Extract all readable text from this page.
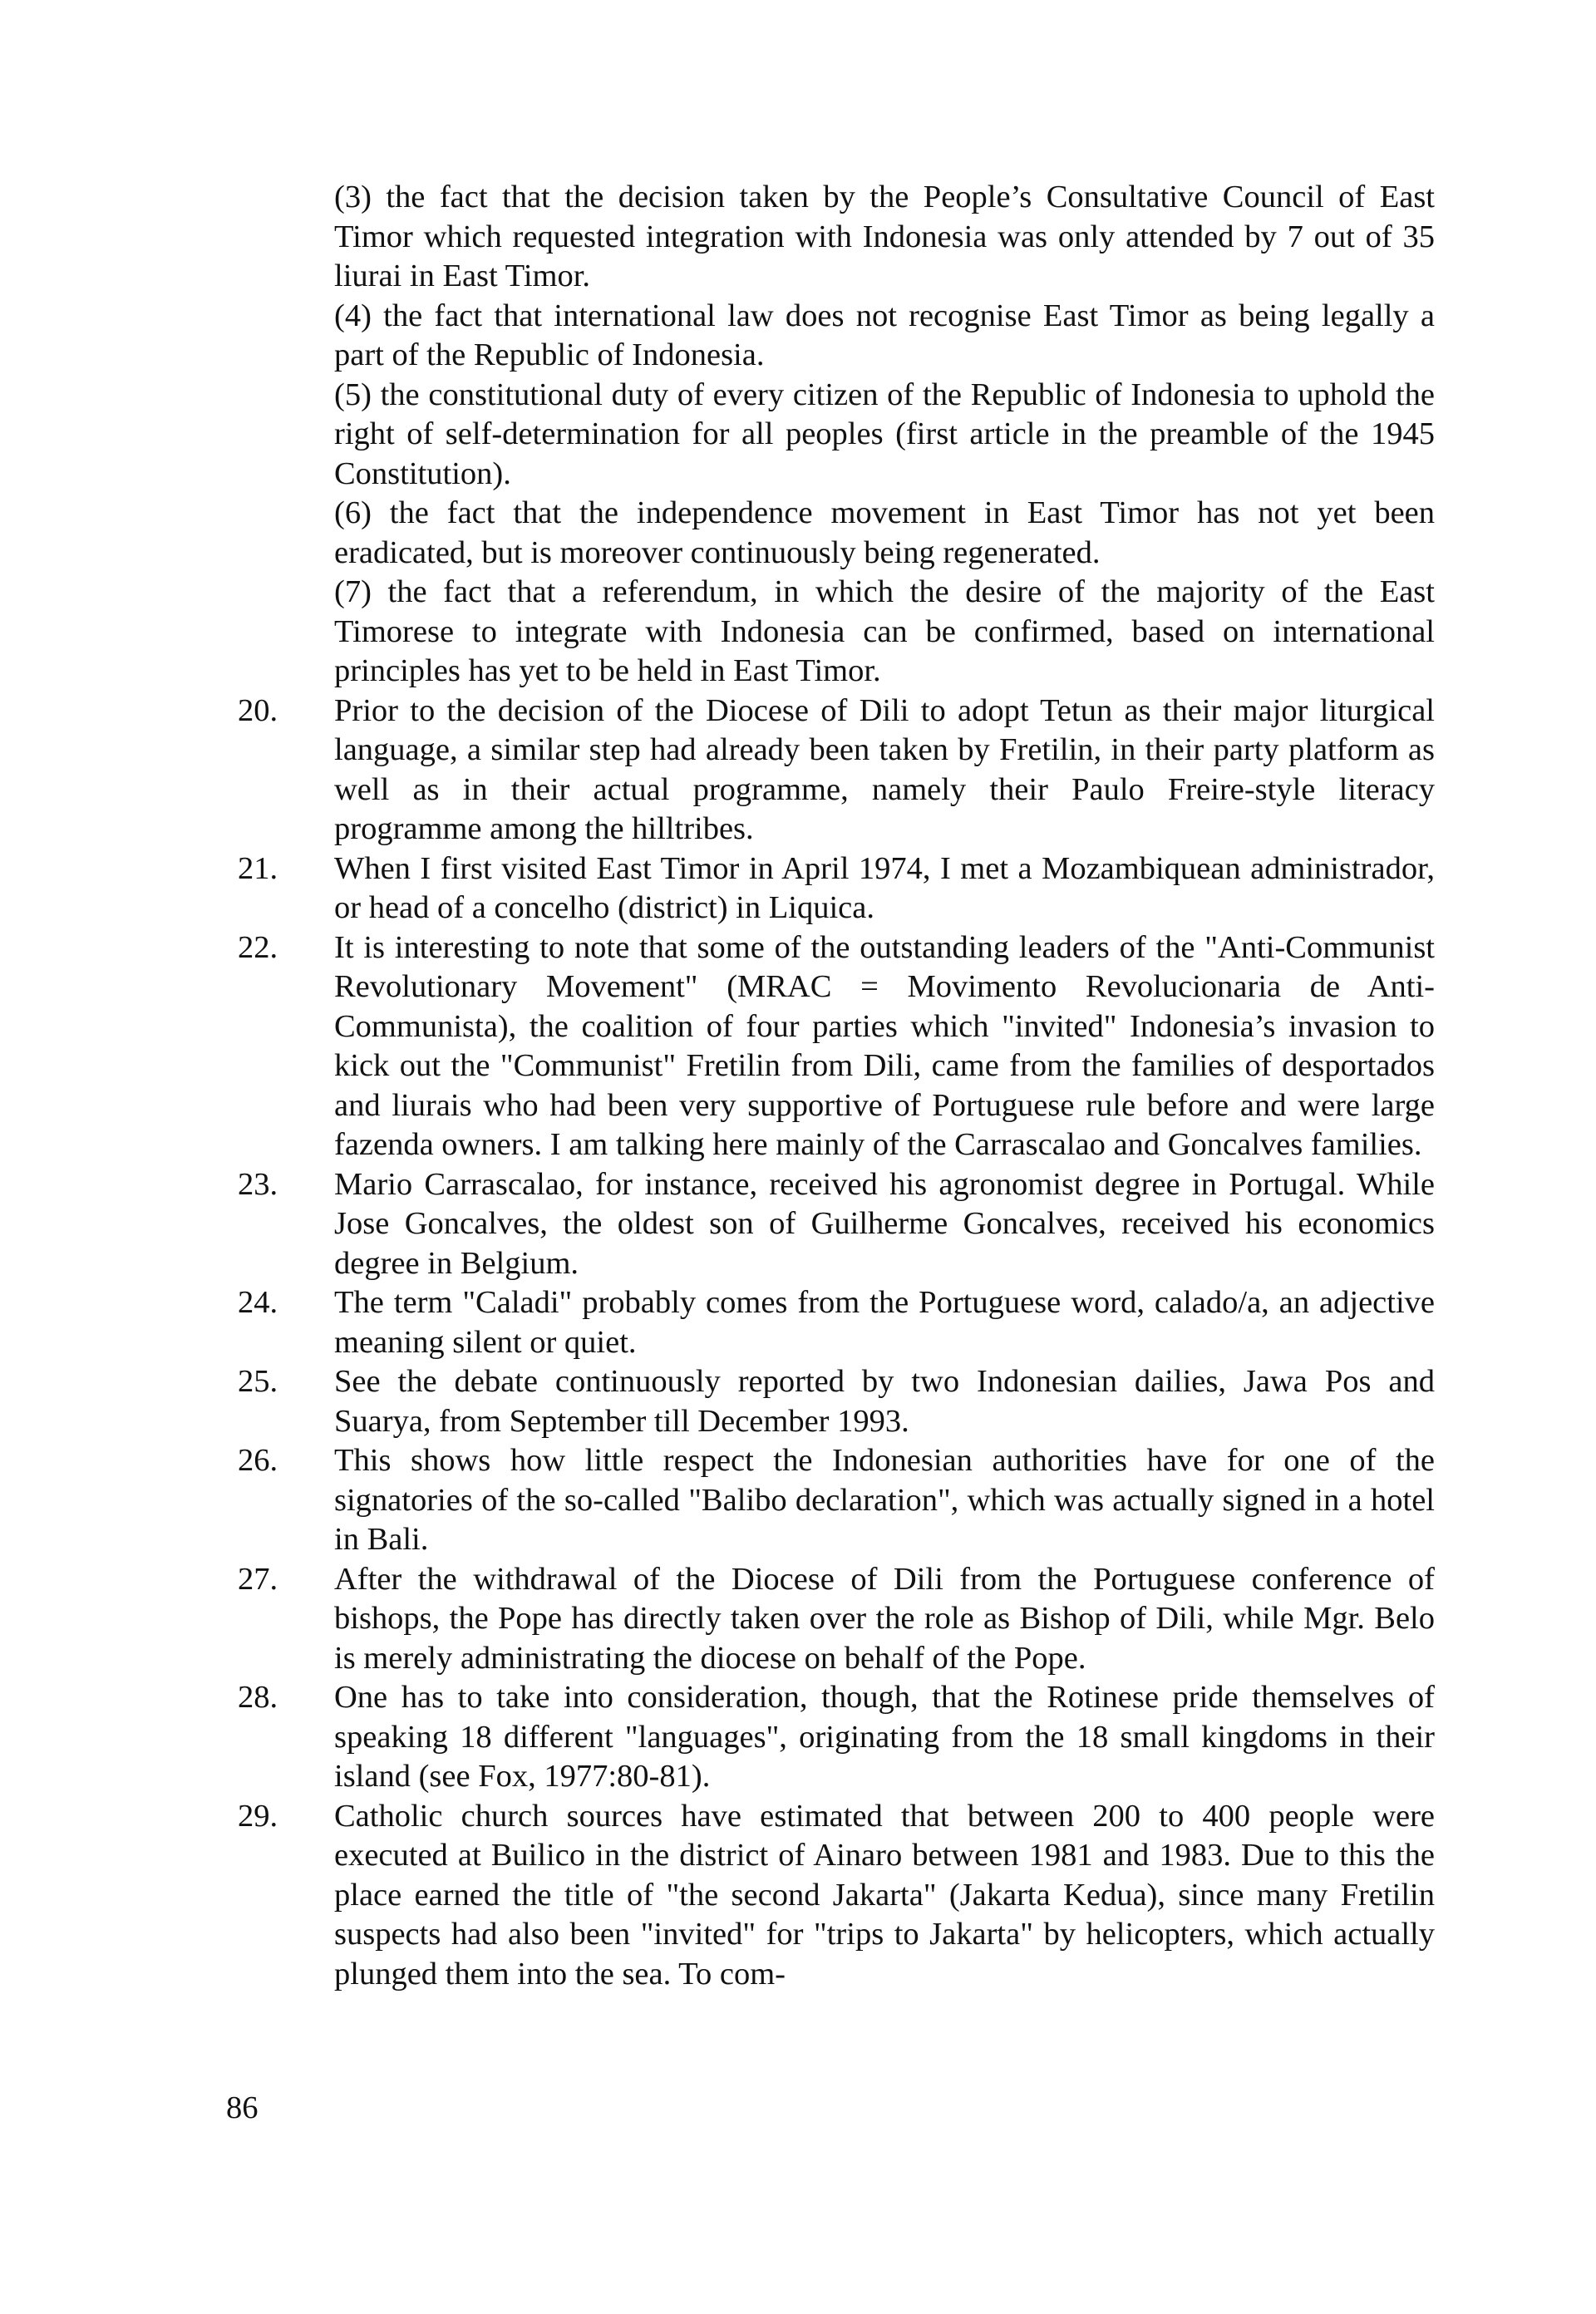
(3) the fact that the decision taken by the People’s Consultative Council of East Timor which requested integration with Indonesia was only attended by 7 out of 35 liurai in East Timor.

(4) the fact that international law does not recognise East Timor as being legally a part of the Republic of Indonesia.

(5) the constitutional duty of every citizen of the Republic of Indonesia to uphold the right of self-determination for all peoples (first article in the preamble of the 1945 Constitution).

(6) the fact that the independence movement in East Timor has not yet been eradicated, but is moreover continuously being regenerated.

(7) the fact that a referendum, in which the desire of the majority of the East Timorese to integrate with Indonesia can be confirmed, based on international principles has yet to be held in East Timor.

20. Prior to the decision of the Diocese of Dili to adopt Tetun as their major liturgical language, a similar step had already been taken by Fretilin, in their party platform as well as in their actual programme, namely their Paulo Freire-style literacy programme among the hilltribes.
21. When I first visited East Timor in April 1974, I met a Mozambiquean administrador, or head of a concelho (district) in Liquica.
22. It is interesting to note that some of the outstanding leaders of the "Anti-Communist Revolutionary Movement" (MRAC = Movimento Revolucionaria de Anti-Communista), the coalition of four parties which "invited" Indonesia’s invasion to kick out the "Communist" Fretilin from Dili, came from the families of desportados and liurais who had been very supportive of Portuguese rule before and were large fazenda owners. I am talking here mainly of the Carrascalao and Goncalves families.
23. Mario Carrascalao, for instance, received his agronomist degree in Portugal. While Jose Goncalves, the oldest son of Guilherme Goncalves, received his economics degree in Belgium.
24. The term "Caladi" probably comes from the Portuguese word, calado/a, an adjective meaning silent or quiet.
25. See the debate continuously reported by two Indonesian dailies, Jawa Pos and Suarya, from September till December 1993.
26. This shows how little respect the Indonesian authorities have for one of the signatories of the so-called "Balibo declaration", which was actually signed in a hotel in Bali.
27. After the withdrawal of the Diocese of Dili from the Portuguese conference of bishops, the Pope has directly taken over the role as Bishop of Dili, while Mgr. Belo is merely administrating the diocese on behalf of the Pope.
28. One has to take into consideration, though, that the Rotinese pride themselves of speaking 18 different "languages", originating from the 18 small kingdoms in their island (see Fox, 1977:80-81).
29. Catholic church sources have estimated that between 200 to 400 people were executed at Builico in the district of Ainaro between 1981 and 1983. Due to this the place earned the title of "the second Jakarta" (Jakarta Kedua), since many Fretilin suspects had also been "invited" for "trips to Jakarta" by helicopters, which actually plunged them into the sea. To com-
86
